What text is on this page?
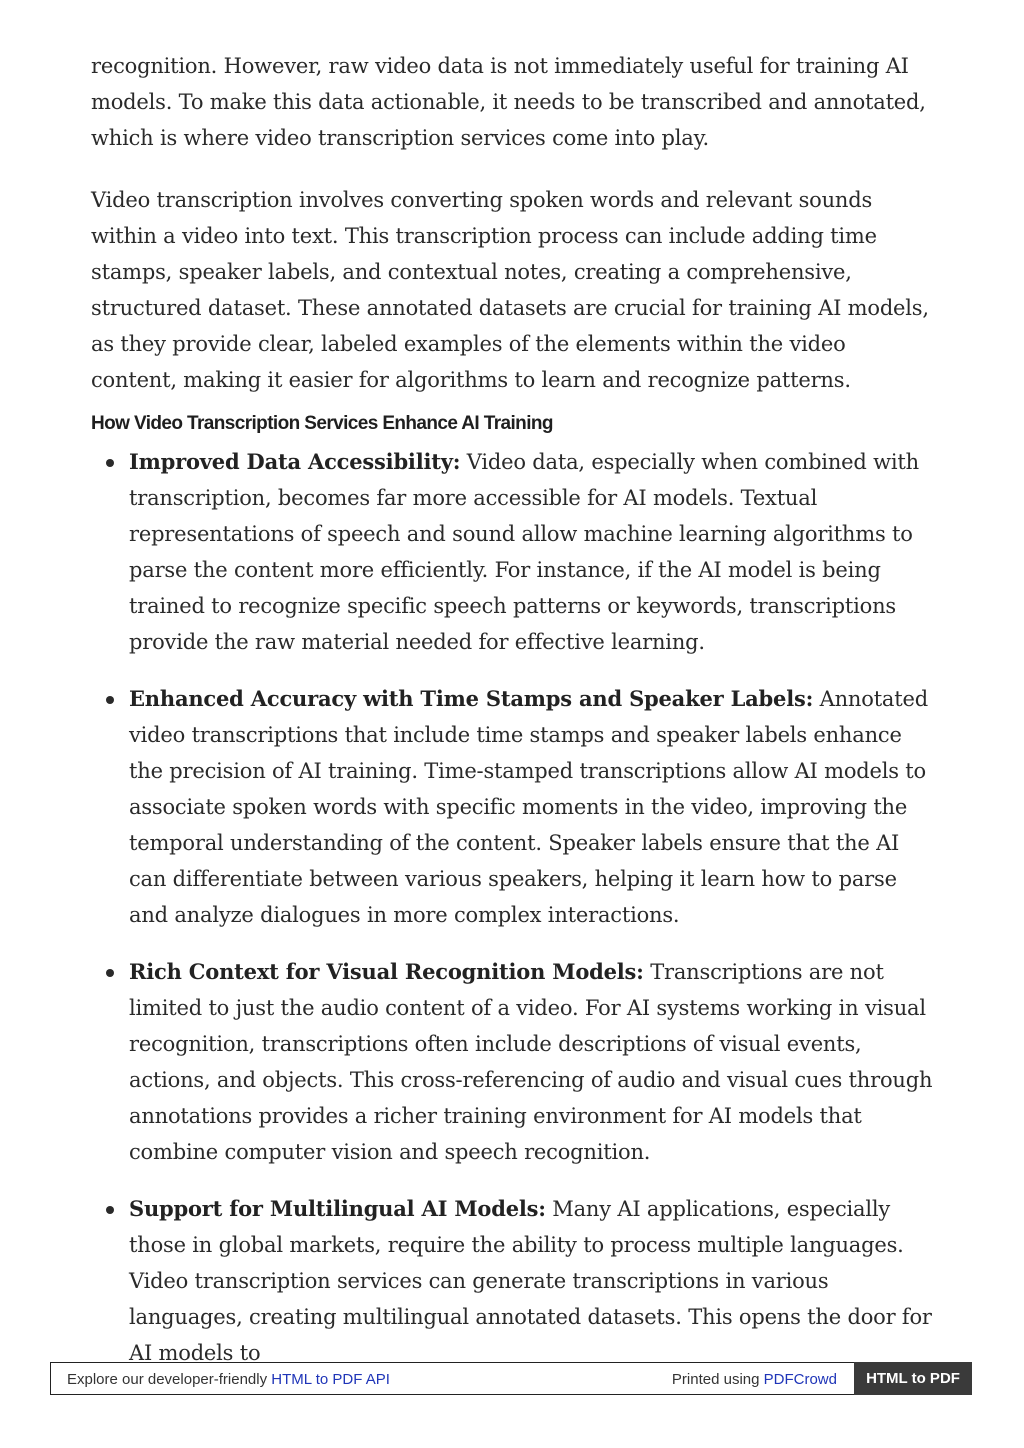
recognition. However, raw video data is not immediately useful for training AI models. To make this data actionable, it needs to be transcribed and annotated, which is where video transcription services come into play.

Video transcription involves converting spoken words and relevant sounds within a video into text. This transcription process can include adding time stamps, speaker labels, and contextual notes, creating a comprehensive, structured dataset. These annotated datasets are crucial for training AI models, as they provide clear, labeled examples of the elements within the video content, making it easier for algorithms to learn and recognize patterns.

How Video Transcription Services Enhance AI Training
Improved Data Accessibility: Video data, especially when combined with transcription, becomes far more accessible for AI models. Textual representations of speech and sound allow machine learning algorithms to parse the content more efficiently. For instance, if the AI model is being trained to recognize specific speech patterns or keywords, transcriptions provide the raw material needed for effective learning.
Enhanced Accuracy with Time Stamps and Speaker Labels: Annotated video transcriptions that include time stamps and speaker labels enhance the precision of AI training. Time-stamped transcriptions allow AI models to associate spoken words with specific moments in the video, improving the temporal understanding of the content. Speaker labels ensure that the AI can differentiate between various speakers, helping it learn how to parse and analyze dialogues in more complex interactions.
Rich Context for Visual Recognition Models: Transcriptions are not limited to just the audio content of a video. For AI systems working in visual recognition, transcriptions often include descriptions of visual events, actions, and objects. This cross-referencing of audio and visual cues through annotations provides a richer training environment for AI models that combine computer vision and speech recognition.
Support for Multilingual AI Models: Many AI applications, especially those in global markets, require the ability to process multiple languages. Video transcription services can generate transcriptions in various languages, creating multilingual annotated datasets. This opens the door for AI models to
Explore our developer-friendly HTML to PDF API	Printed using PDFCrowd	HTML to PDF
